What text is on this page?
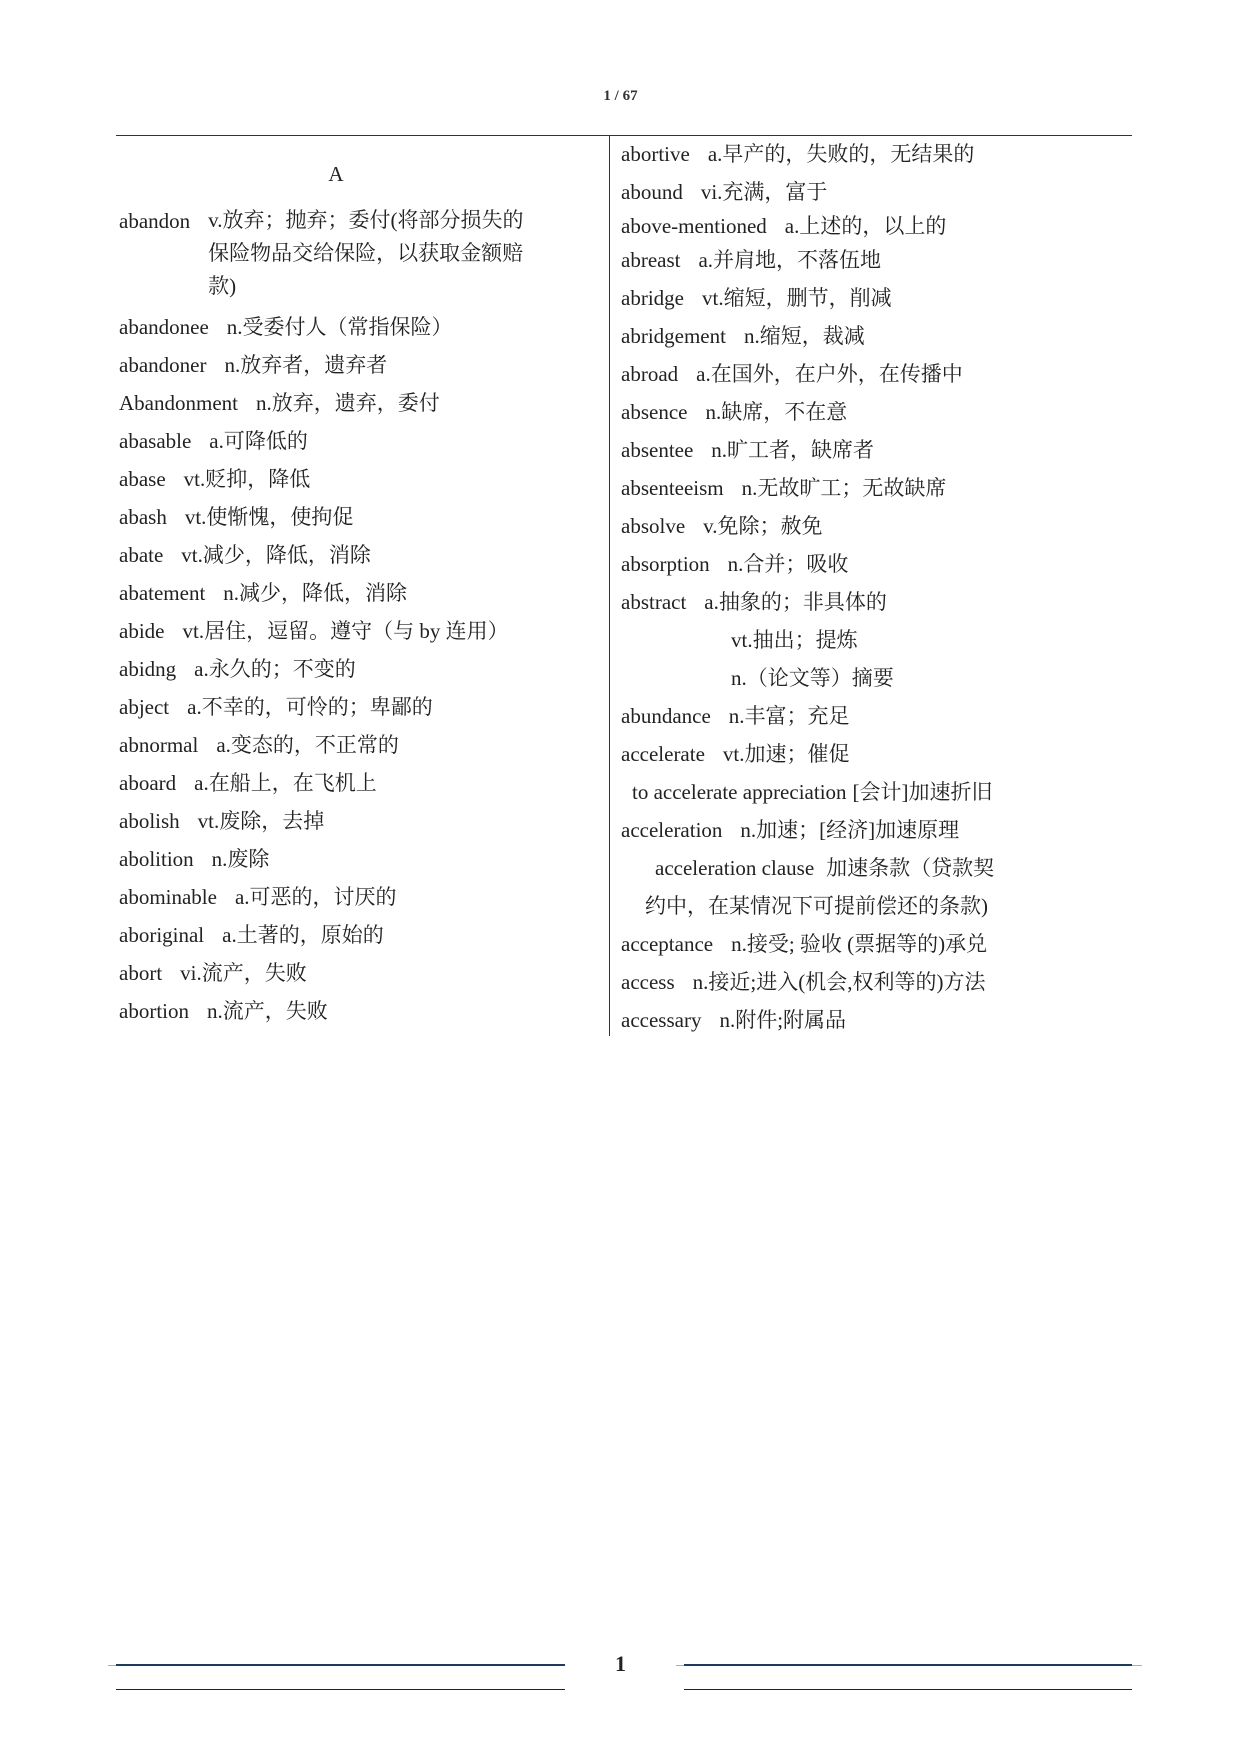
1 / 67
A
abandon v.放弃；抛弃；委付(将部分损失的保险物品交给保险，以获取金额赔款)
abandonee n.受委付人（常指保险）
abandoner n.放弃者，遗弃者
Abandonment n.放弃，遗弃，委付
abasable a.可降低的
abase vt.贬抑，降低
abash vt.使惭愧，使拘促
abate vt.减少，降低，消除
abatement n.减少，降低，消除
abide vt.居住，逗留。遵守（与 by 连用）
abidng a.永久的；不变的
abject a.不幸的，可怜的；卑鄙的
abnormal a.变态的，不正常的
aboard a.在船上，在飞机上
abolish vt.废除，去掉
abolition n.废除
abominable a.可恶的，讨厌的
aboriginal a.土著的，原始的
abort vi.流产，失败
abortion n.流产，失败
abortive a.早产的，失败的，无结果的
abound vi.充满，富于
above-mentioned a.上述的，以上的
abreast a.并肩地，不落伍地
abridge vt.缩短，删节，削减
abridgement n.缩短，裁减
abroad a.在国外，在户外，在传播中
absence n.缺席，不在意
absentee n.旷工者，缺席者
absenteeism n.无故旷工；无故缺席
absolve v.免除；赦免
absorption n.合并；吸收
abstract a.抽象的；非具体的
vt.抽出；提炼
n.（论文等）摘要
abundance n.丰富；充足
accelerate vt.加速；催促
to accelerate appreciation [会计]加速折旧
acceleration n.加速；[经济]加速原理
acceleration clause 加速条款（贷款契
约中，在某情况下可提前偿还的条款)
acceptance n.接受; 验收 (票据等的)承兑
access n.接近;进入(机会,权利等的)方法
accessary n.附件;附属品
1
